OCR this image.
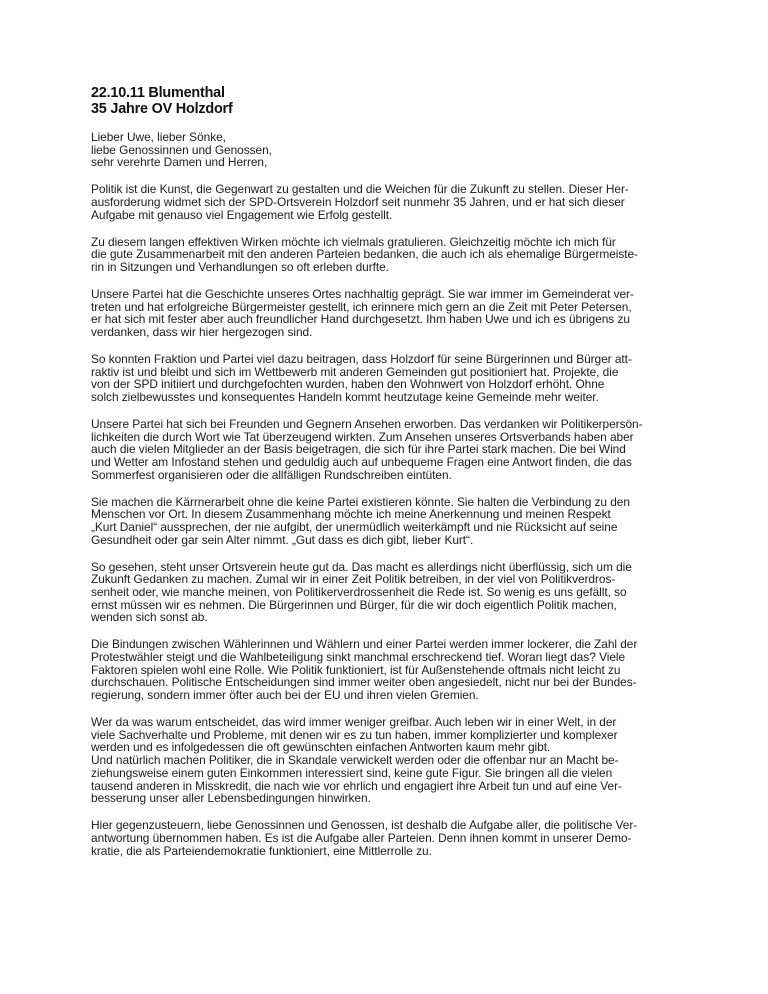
22.10.11 Blumenthal
35 Jahre OV Holzdorf
Lieber Uwe, lieber Sönke,
liebe Genossinnen und Genossen,
sehr verehrte Damen und Herren,
Politik ist die Kunst, die Gegenwart zu gestalten und die Weichen für die Zukunft zu stellen. Dieser Her-
ausforderung widmet sich der SPD-Ortsverein Holzdorf seit nunmehr 35 Jahren, und er hat sich dieser
Aufgabe mit genauso viel Engagement wie Erfolg gestellt.
Zu diesem langen effektiven Wirken möchte ich vielmals gratulieren. Gleichzeitig möchte ich mich für
die gute Zusammenarbeit mit den anderen Parteien bedanken, die auch ich als ehemalige Bürgermeiste-
rin in Sitzungen und Verhandlungen so oft erleben durfte.
Unsere Partei hat die Geschichte unseres Ortes nachhaltig geprägt. Sie war immer im Gemeinderat ver-
treten und hat erfolgreiche Bürgermeister gestellt, ich erinnere mich gern an die Zeit mit Peter Petersen,
er hat sich mit fester aber auch freundlicher Hand durchgesetzt. Ihm haben Uwe und ich es übrigens zu
verdanken, dass wir hier hergezogen sind.
So konnten Fraktion und Partei viel dazu beitragen, dass Holzdorf für seine Bürgerinnen und Bürger att-
raktiv ist und bleibt und sich im Wettbewerb mit anderen Gemeinden gut positioniert hat. Projekte, die
von der SPD initiiert und durchgefochten wurden, haben den Wohnwert von Holzdorf erhöht. Ohne
solch zielbewusstes und konsequentes Handeln kommt heutzutage keine Gemeinde mehr weiter.
Unsere Partei hat sich bei Freunden und Gegnern Ansehen erworben. Das verdanken wir Politikerpersön-
lichkeiten die durch Wort wie Tat überzeugend wirkten. Zum Ansehen unseres Ortsverbands haben aber
auch die vielen Mitglieder an der Basis beigetragen, die sich für ihre Partei stark machen. Die bei Wind
und Wetter am Infostand stehen und geduldig auch auf unbequeme Fragen eine Antwort finden, die das
Sommerfest organisieren oder die allfälligen Rundschreiben eintüten.
Sie machen die Kärrnerarbeit ohne die keine Partei existieren könnte. Sie halten die Verbindung zu den
Menschen vor Ort. In diesem Zusammenhang möchte ich meine Anerkennung und meinen Respekt
„Kurt Daniel“ aussprechen, der nie aufgibt, der unermüdlich weiterkämpft und nie Rücksicht auf seine
Gesundheit oder gar sein Alter nimmt. „Gut dass es dich gibt, lieber Kurt“.
So gesehen, steht unser Ortsverein heute gut da. Das macht es allerdings nicht überflüssig, sich um die
Zukunft Gedanken zu machen. Zumal wir in einer Zeit Politik betreiben, in der viel von Politikverdros-
senheit oder, wie manche meinen, von Politikerverdrossenheit die Rede ist. So wenig es uns gefällt, so
ernst müssen wir es nehmen. Die Bürgerinnen und Bürger, für die wir doch eigentlich Politik machen,
wenden sich sonst ab.
Die Bindungen zwischen Wählerinnen und Wählern und einer Partei werden immer lockerer, die Zahl der
Protestwähler steigt und die Wahlbeteiligung sinkt manchmal erschreckend tief. Woran liegt das? Viele
Faktoren spielen wohl eine Rolle. Wie Politik funktioniert, ist für Außenstehende oftmals nicht leicht zu
durchschauen. Politische Entscheidungen sind immer weiter oben angesiedelt, nicht nur bei der Bundes-
regierung, sondern immer öfter auch bei der EU und ihren vielen Gremien.
Wer da was warum entscheidet, das wird immer weniger greifbar. Auch leben wir in einer Welt, in der
viele Sachverhalte und Probleme, mit denen wir es zu tun haben, immer komplizierter und komplexer
werden und es infolgedessen die oft gewünschten einfachen Antworten kaum mehr gibt.
Und natürlich machen Politiker, die in Skandale verwickelt werden oder die offenbar nur an Macht be-
ziehungsweise einem guten Einkommen interessiert sind, keine gute Figur. Sie bringen all die vielen
tausend anderen in Misskredit, die nach wie vor ehrlich und engagiert ihre Arbeit tun und auf eine Ver-
besserung unser aller Lebensbedingungen hinwirken.
Hier gegenzusteuern, liebe Genossinnen und Genossen, ist deshalb die Aufgabe aller, die politische Ver-
antwortung übernommen haben. Es ist die Aufgabe aller Parteien. Denn ihnen kommt in unserer Demo-
kratie, die als Parteiendemokratie funktioniert, eine Mittlerrolle zu.
